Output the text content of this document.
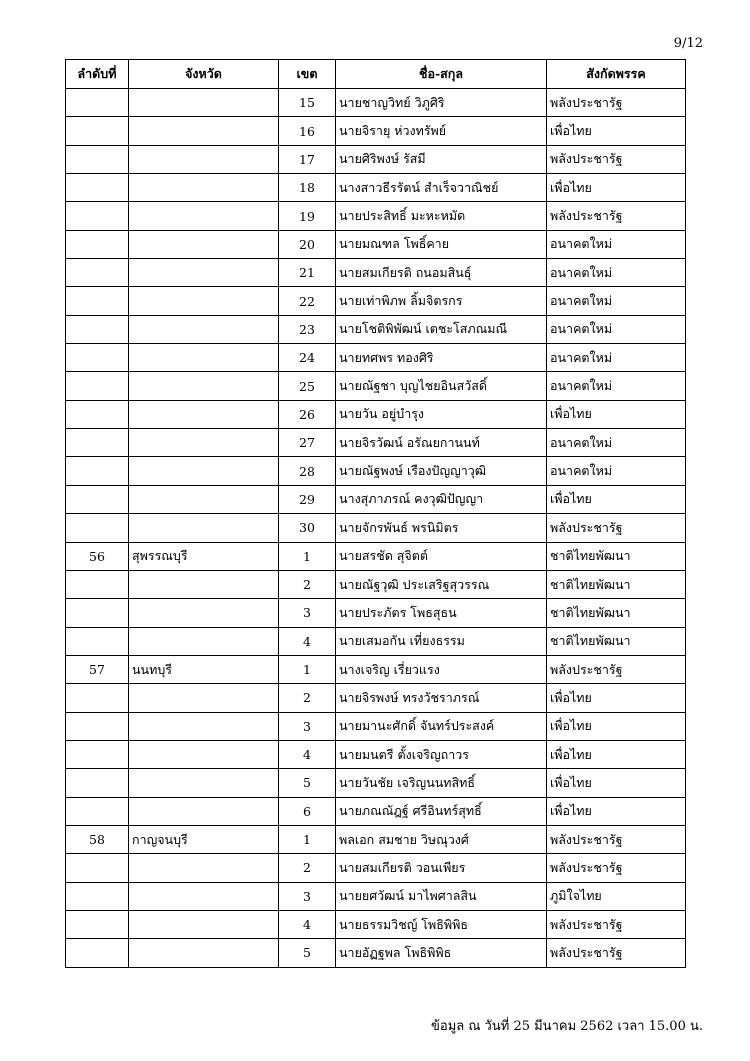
9/12
ลำดับที่	จังหวัด	เขต	ชื่อ-สกุล	สังกัดพรรค
		15	นายชาญวิทย์ วิภูศิริ	พลังประชารัฐ
		16	นายจิรายุ ห่วงทรัพย์	เพื่อไทย
		17	นายศิริพงษ์ รัสมี	พลังประชารัฐ
		18	นางสาวธีรรัตน์ สำเร็จวาณิชย์	เพื่อไทย
		19	นายประสิทธิ์ มะหะหมัด	พลังประชารัฐ
		20	นายมณฑล โพธิ์คาย	อนาคตใหม่
		21	นายสมเกียรติ ถนอมสินธุ์	อนาคตใหม่
		22	นายเท่าพิภพ ลิ้มจิตรกร	อนาคตใหม่
		23	นายโชติพิพัฒน์ เตชะโสภณมณี	อนาคตใหม่
		24	นายทศพร ทองศิริ	อนาคตใหม่
		25	นายณัฐชา บุญไชยอินสวัสดิ์	อนาคตใหม่
		26	นายวัน อยู่บำรุง	เพื่อไทย
		27	นายจิรวัฒน์ อรัณยกานนท์	อนาคตใหม่
		28	นายณัฐพงษ์ เรืองปัญญาวุฒิ	อนาคตใหม่
		29	นางสุภาภรณ์ คงวุฒิปัญญา	เพื่อไทย
		30	นายจักรพันธ์ พรนิมิตร	พลังประชารัฐ
56	สุพรรณบุรี	1	นายสรชัด สุจิตต์	ชาติไทยพัฒนา
		2	นายณัฐวุฒิ ประเสริฐสุวรรณ	ชาติไทยพัฒนา
		3	นายประภัตร โพธสุธน	ชาติไทยพัฒนา
		4	นายเสมอกัน เที่ยงธรรม	ชาติไทยพัฒนา
57	นนทบุรี	1	นางเจริญ เรี่ยวแรง	พลังประชารัฐ
		2	นายจิรพงษ์ ทรงวัชราภรณ์	เพื่อไทย
		3	นายมานะศักดิ์ จันทร์ประสงค์	เพื่อไทย
		4	นายมนตรี ตั้งเจริญถาวร	เพื่อไทย
		5	นายวันชัย เจริญนนทสิทธิ์	เพื่อไทย
		6	นายภณณัฎฐ์ ศรีอินทร์สุทธิ์	เพื่อไทย
58	กาญจนบุรี	1	พลเอก สมชาย วิษณุวงศ์	พลังประชารัฐ
		2	นายสมเกียรติ วอนเพียร	พลังประชารัฐ
		3	นายยศวัฒน์ มาไพศาลสิน	ภูมิใจไทย
		4	นายธรรมวิชญ์ โพธิพิพิธ	พลังประชารัฐ
		5	นายอัฏฐพล โพธิพิพิธ	พลังประชารัฐ
ข้อมูล ณ วันที่ 25 มีนาคม 2562 เวลา 15.00 น.
